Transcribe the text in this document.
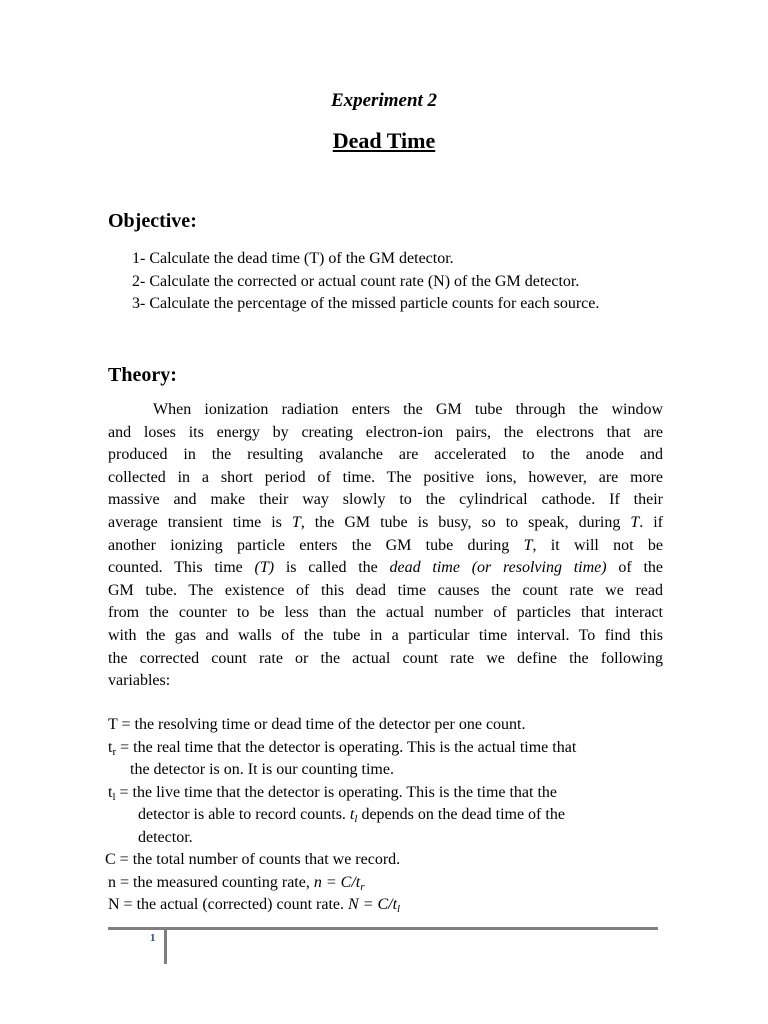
Experiment 2
Dead Time
Objective:
1- Calculate the dead time (T) of the GM detector.
2- Calculate the corrected or actual count rate (N) of the GM detector.
3- Calculate the percentage of the missed particle counts for each source.
Theory:
When ionization radiation enters the GM tube through the window
and loses its energy by creating electron-ion pairs, the electrons that are
produced in the resulting avalanche are accelerated to the anode and
collected in a short period of time. The positive ions, however, are more
massive and make their way slowly to the cylindrical cathode. If their
average transient time is T, the GM tube is busy, so to speak, during T. if
another ionizing particle enters the GM tube during T, it will not be
counted. This time (T) is called the dead time (or resolving time) of the
GM tube. The existence of this dead time causes the count rate we read
from the counter to be less than the actual number of particles that interact
with the gas and walls of the tube in a particular time interval. To find this
the corrected count rate or the actual count rate we define the following
variables:
T = the resolving time or dead time of the detector per one count.
$t_r$ = the real time that the detector is operating. This is the actual time that
the detector is on. It is our counting time.
$t_l$ = the live time that the detector is operating. This is the time that the
detector is able to record counts. $t_l$ depends on the dead time of the
detector.
C = the total number of counts that we record.
n = the measured counting rate, $n = C/t_r$
N = the actual (corrected) count rate. $N = C/t_l$
1
